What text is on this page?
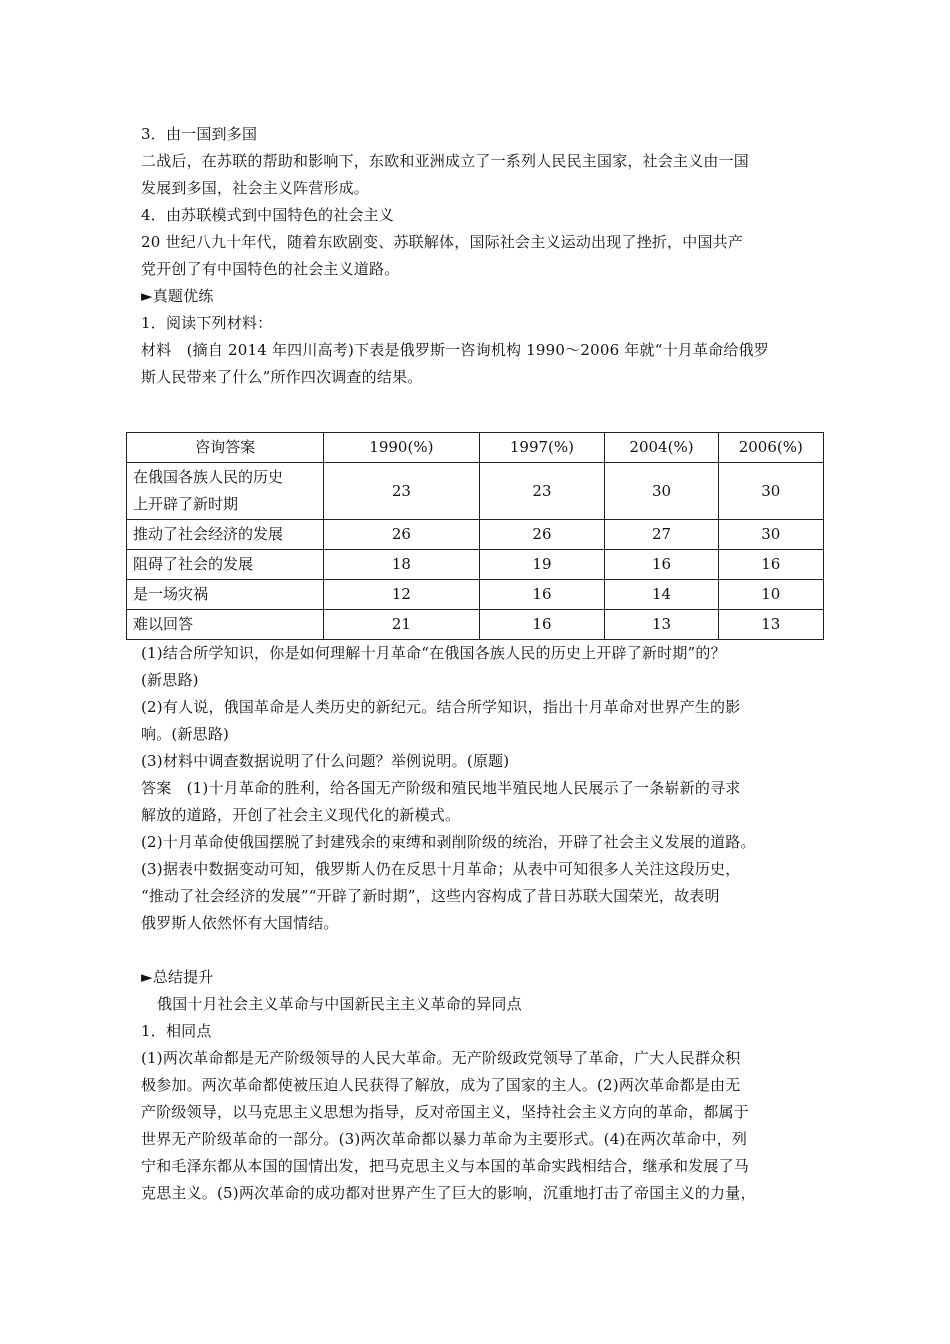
3．由一国到多国
二战后，在苏联的帮助和影响下，东欧和亚洲成立了一系列人民民主国家，社会主义由一国
发展到多国，社会主义阵营形成。
4．由苏联模式到中国特色的社会主义
20 世纪八九十年代，随着东欧剧变、苏联解体，国际社会主义运动出现了挫折，中国共产
党开创了有中国特色的社会主义道路。
►真题优练
1．阅读下列材料：
材料　(摘自 2014 年四川高考)下表是俄罗斯一咨询机构 1990～2006 年就“十月革命给俄罗
斯人民带来了什么”所作四次调查的结果。
咨询答案	1990(%)	1997(%)	2004(%)	2006(%)

在俄国各族人民的历史
上开辟了新时期	23	23	30	30
推动了社会经济的发展	26	26	27	30
阻碍了社会的发展	18	19	16	16
是一场灾祸	12	16	14	10
难以回答	21	16	13	13
(1)结合所学知识，你是如何理解十月革命“在俄国各族人民的历史上开辟了新时期”的？
(新思路)
(2)有人说，俄国革命是人类历史的新纪元。结合所学知识，指出十月革命对世界产生的影
响。(新思路)
(3)材料中调查数据说明了什么问题？举例说明。(原题)
答案　(1)十月革命的胜利，给各国无产阶级和殖民地半殖民地人民展示了一条崭新的寻求
解放的道路，开创了社会主义现代化的新模式。
(2)十月革命使俄国摆脱了封建残余的束缚和剥削阶级的统治，开辟了社会主义发展的道路。
(3)据表中数据变动可知，俄罗斯人仍在反思十月革命；从表中可知很多人关注这段历史，
“推动了社会经济的发展”“开辟了新时期”，这些内容构成了昔日苏联大国荣光，故表明
俄罗斯人依然怀有大国情结。
►总结提升
俄国十月社会主义革命与中国新民主主义革命的异同点
1．相同点
(1)两次革命都是无产阶级领导的人民大革命。无产阶级政党领导了革命，广大人民群众积
极参加。两次革命都使被压迫人民获得了解放，成为了国家的主人。(2)两次革命都是由无
产阶级领导，以马克思主义思想为指导，反对帝国主义，坚持社会主义方向的革命，都属于
世界无产阶级革命的一部分。(3)两次革命都以暴力革命为主要形式。(4)在两次革命中，列
宁和毛泽东都从本国的国情出发，把马克思主义与本国的革命实践相结合，继承和发展了马
克思主义。(5)两次革命的成功都对世界产生了巨大的影响，沉重地打击了帝国主义的力量，
